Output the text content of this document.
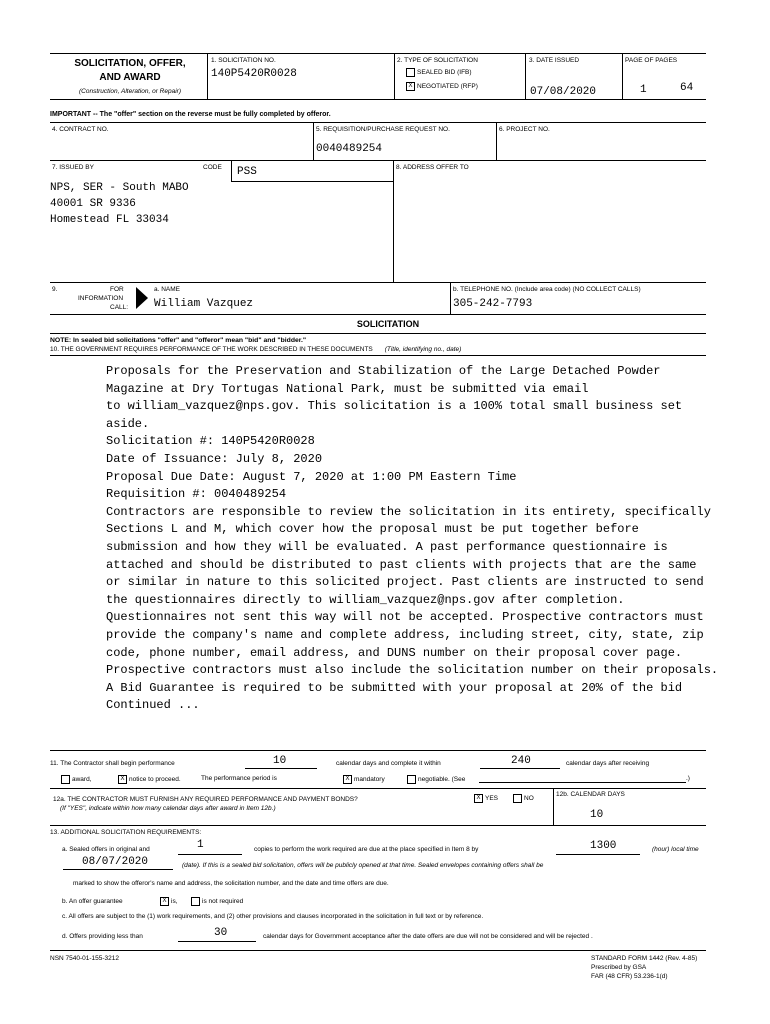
SOLICITATION, OFFER,
AND AWARD
(Construction, Alteration, or Repair)
1. SOLICITATION NO.
140P5420R0028
2. TYPE OF SOLICITATION
SEALED BID (IFB)
X NEGOTIATED (RFP)
3. DATE ISSUED
07/08/2020
PAGE OF PAGES
1	64
IMPORTANT -- The "offer" section on the reverse must be fully completed by offeror.
4. CONTRACT NO.	5. REQUISITION/PURCHASE REQUEST NO.
0040489254
6. PROJECT NO.
7. ISSUED BY	CODE PSS	8. ADDRESS OFFER TO
NPS, SER - South MABO
40001 SR 9336
Homestead FL 33034
9.	FOR
INFORMATION
CALL:
a. NAME
William Vazquez
b. TELEPHONE NO. (Include area code) (NO COLLECT CALLS)
305-242-7793
SOLICITATION
NOTE: In sealed bid solicitations "offer" and "offeror" mean "bid" and "bidder."
10. THE GOVERNMENT REQUIRES PERFORMANCE OF THE WORK DESCRIBED IN THESE DOCUMENTS (Title, identifying no., date)
Proposals for the Preservation and Stabilization of the Large Detached Powder
Magazine at Dry Tortugas National Park, must be submitted via email
to william_vazquez@nps.gov. This solicitation is a 100% total small business set
aside.
Solicitation #: 140P5420R0028
Date of Issuance: July 8, 2020
Proposal Due Date: August 7, 2020 at 1:00 PM Eastern Time
Requisition #: 0040489254
Contractors are responsible to review the solicitation in its entirety, specifically
Sections L and M, which cover how the proposal must be put together before
submission and how they will be evaluated. A past performance questionnaire is
attached and should be distributed to past clients with projects that are the same
or similar in nature to this solicited project. Past clients are instructed to send
the questionnaires directly to william_vazquez@nps.gov after completion.
Questionnaires not sent this way will not be accepted. Prospective contractors must
provide the company's name and complete address, including street, city, state, zip
code, phone number, email address, and DUNS number on their proposal cover page.
Prospective contractors must also include the solicitation number on their proposals.
A Bid Guarantee is required to be submitted with your proposal at 20% of the bid
Continued ...
11. The Contractor shall begin performance	10	calendar days and complete it within	240	calendar days after receiving
award,	X notice to proceed.	The performance period is	X mandatory	negotiable. (See	.)
12a. THE CONTRACTOR MUST FURNISH ANY REQUIRED PERFORMANCE AND PAYMENT BONDS?
(If "YES", indicate within how many calendar days after award in Item 12b.)
X YES	NO
12b. CALENDAR DAYS
10
13. ADDITIONAL SOLICITATION REQUIREMENTS:
a. Sealed offers in original and	1	copies to perform the work required are due at the place specified in Item 8 by	1300	(hour) local time
08/07/2020	(date). If this is a sealed bid solicitation, offers will be publicly opened at that time. Sealed envelopes containing offers shall be
marked to show the offeror's name and address, the solicitation number, and the date and time offers are due.
b. An offer guarantee	X is,	is not required
c. All offers are subject to the (1) work requirements, and (2) other provisions and clauses incorporated in the solicitation in full text or by reference.
d. Offers providing less than	30	calendar days for Government acceptance after the date offers are due will not be considered and will be rejected .
NSN 7540-01-155-3212	STANDARD FORM 1442 (Rev. 4-85)
Prescribed by GSA
FAR (48 CFR) 53.236-1(d)
